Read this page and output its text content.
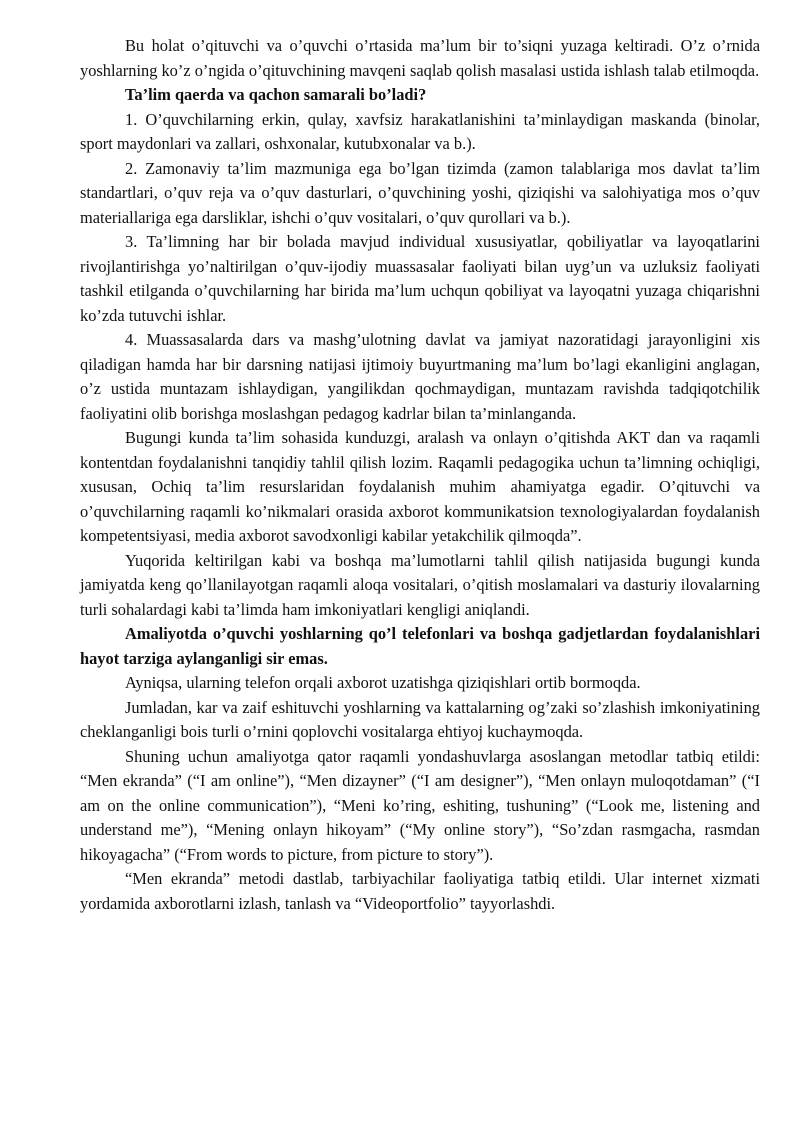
Bu holat o’qituvchi va o’quvchi o’rtasida ma’lum bir to’siqni yuzaga keltiradi. O’z o’rnida yoshlarning ko’z o’ngida o’qituvchining mavqeni saqlab qolish masalasi ustida ishlash talab etilmoqda.

Ta’lim qaerda va qachon samarali bo’ladi?

1. O’quvchilarning erkin, qulay, xavfsiz harakatlanishini ta’minlaydigan maskanda (binolar, sport maydonlari va zallari, oshxonalar, kutubxonalar va b.).

2. Zamonaviy ta’lim mazmuniga ega bo’lgan tizimda (zamon talablariga mos davlat ta’lim standartlari, o’quv reja va o’quv dasturlari, o’quvchining yoshi, qiziqishi va salohiyatiga mos o’quv materiallariga ega darsliklar, ishchi o’quv vositalari, o’quv qurollari va b.).

3. Ta’limning har bir bolada mavjud individual xususiyatlar, qobiliyatlar va layoqatlarini rivojlantirishga yo’naltirilgan o’quv-ijodiy muassasalar faoliyati bilan uyg’un va uzluksiz faoliyati tashkil etilganda o’quvchilarning har birida ma’lum uchqun qobiliyat va layoqatni yuzaga chiqarishni ko’zda tutuvchi ishlar.

4. Muassasalarda dars va mashg’ulotning davlat va jamiyat nazoratidagi jarayonligini xis qiladigan hamda har bir darsning natijasi ijtimoiy buyurtmaning ma’lum bo’lagi ekanligini anglagan, o’z ustida muntazam ishlaydigan, yangilikdan qochmaydigan, muntazam ravishda tadqiqotchilik faoliyatini olib borishga moslashgan pedagog kadrlar bilan ta’minlanganda.

Bugungi kunda ta’lim sohasida kunduzgi, aralash va onlayn o’qitishda AKT dan va raqamli kontentdan foydalanishni tanqidiy tahlil qilish lozim. Raqamli pedagogika uchun ta’limning ochiqligi, xususan, Ochiq ta’lim resurslaridan foydalanish muhim ahamiyatga egadir. O’qituvchi va o’quvchilarning raqamli ko’nikmalari orasida axborot kommunikatsion texnologiyalardan foydalanish kompetentsiyasi, media axborot savodxonligi kabilar yetakchilik qilmoqda”.

Yuqorida keltirilgan kabi va boshqa ma’lumotlarni tahlil qilish natijasida bugungi kunda jamiyatda keng qo’llanilayotgan raqamli aloqa vositalari, o’qitish moslamalari va dasturiy ilovalarning turli sohalardagi kabi ta’limda ham imkoniyatlari kengligi aniqlandi.

Amaliyotda o’quvchi yoshlarning qo’l telefonlari va boshqa gadjetlardan foydalanishlari hayot tarziga aylanganligi sir emas.

Ayniqsa, ularning telefon orqali axborot uzatishga qiziqishlari ortib bormoqda.

Jumladan, kar va zaif eshituvchi yoshlarning va kattalarning og’zaki so’zlashish imkoniyatining cheklanganligi bois turli o’rnini qoplovchi vositalarga ehtiyoj kuchaymoqda.

Shuning uchun amaliyotga qator raqamli yondashuvlarga asoslangan metodlar tatbiq etildi: “Men ekranda” (“I am online”), “Men dizayner” (“I am designer”), “Men onlayn muloqotdaman” (“I am on the online communication”), “Meni ko’ring, eshiting, tushuning” (“Look me, listening and understand me”), “Mening onlayn hikoyam” (“My online story”), “So’zdan rasmgacha, rasmdan hikoyagacha” (“From words to picture, from picture to story”).

“Men ekranda” metodi dastlab, tarbiyachilar faoliyatiga tatbiq etildi. Ular internet xizmati yordamida axborotlarni izlash, tanlash va “Videoportfolio” tayyorlashdi.
